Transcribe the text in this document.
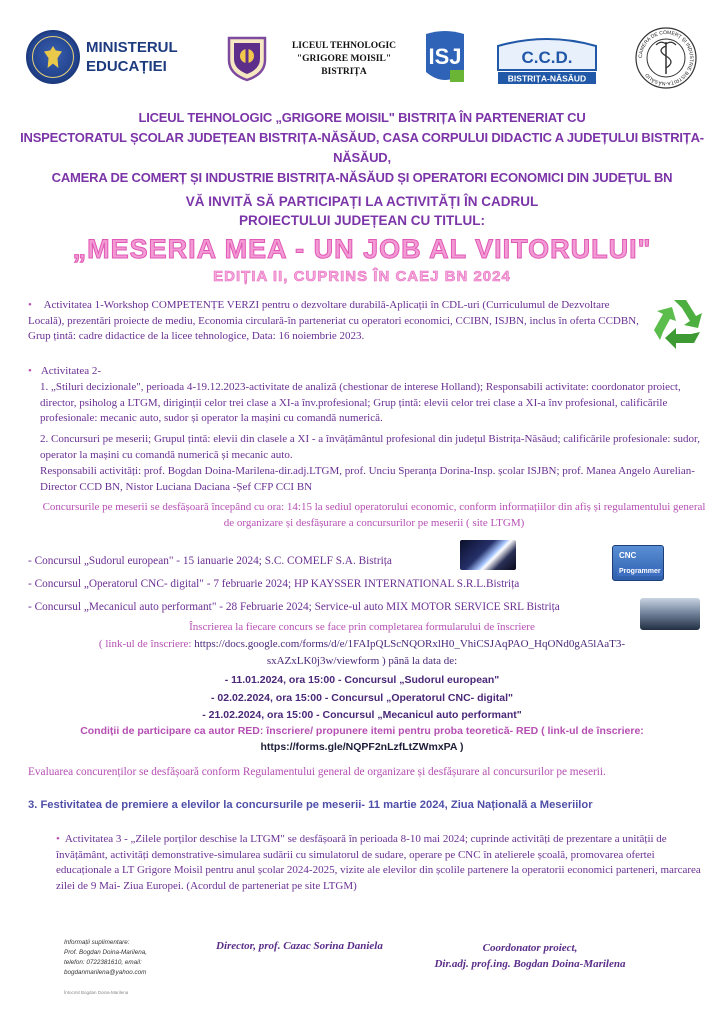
MINISTERUL
EDUCAȚIEI
LICEUL TEHNOLOGIC
"GRIGORE MOISIL"
BISTRIȚA
ISJ	C.C.D.
BISTRIȚA-NĂSĂUD
CAMERA DE COMERȚ ȘI INDUSTRIE BISTRIȚA-NĂSĂUD
LICEUL TEHNOLOGIC „GRIGORE MOISIL" BISTRIȚA ÎN PARTENERIAT CU
INSPECTORATUL ȘCOLAR JUDEȚEAN BISTRIȚA-NĂSĂUD, CASA CORPULUI DIDACTIC A JUDEȚULUI BISTRIȚA-NĂSĂUD,
CAMERA DE COMERȚ ȘI INDUSTRIE BISTRIȚA-NĂSĂUD ȘI OPERATORI ECONOMICI DIN JUDEȚUL BN
VĂ INVITĂ SĂ PARTICIPAȚI LA ACTIVITĂȚI ÎN CADRUL
PROIECTULUI JUDEȚEAN CU TITLUL:
„MESERIA MEA - UN JOB AL VIITORULUI"
EDIȚIA II, CUPRINS ÎN CAEJ BN 2024
• Activitatea 1-Workshop COMPETENȚE VERZI pentru o dezvoltare durabilă-Aplicații în CDL-uri (Curriculumul de Dezvoltare Locală), prezentări proiecte de mediu, Economia circulară-în parteneriat cu operatori economici, CCIBN, ISJBN, inclus în oferta CCDBN, Grup țintă: cadre didactice de la licee tehnologice, Data: 16 noiembrie 2023.
• Activitatea 2-
1. „Stiluri decizionale", perioada 4-19.12.2023-activitate de analiză (chestionar de interese Holland); Responsabili activitate: coordonator proiect, director, psiholog a LTGM, diriginții celor trei clase a XI-a înv.profesional; Grup țintă: elevii celor trei clase a XI-a înv profesional, calificările profesionale: mecanic auto, sudor și operator la mașini cu comandă numerică.
2. Concursuri pe meserii; Grupul țintă: elevii din clasele a XI - a învățământul profesional din județul Bistrița-Năsăud; calificările profesionale: sudor, operator la mașini cu comandă numerică și mecanic auto.
Responsabili activități: prof. Bogdan Doina-Marilena-dir.adj.LTGM, prof. Unciu Speranța Dorina-Insp. școlar ISJBN; prof. Manea Angelo Aurelian-Director CCD BN, Nistor Luciana Daciana -Șef CFP CCI BN
Concursurile pe meserii se desfășoară începând cu ora: 14:15 la sediul operatorului economic, conform informațiilor din afiș și regulamentului general de organizare și desfășurare a concursurilor pe meserii ( site LTGM)
- Concursul „Sudorul european" - 15 ianuarie 2024; S.C. COMELF S.A. Bistrița
- Concursul „Operatorul CNC- digital" - 7 februarie 2024; HP KAYSSER INTERNATIONAL S.R.L.Bistrița
- Concursul „Mecanicul auto performant" - 28 Februarie 2024; Service-ul auto MIX MOTOR SERVICE SRL Bistrița
CNC
Programmer
Înscrierea la fiecare concurs se face prin completarea formularului de înscriere
( link-ul de înscriere: https://docs.google.com/forms/d/e/1FAIpQLScNQORxlH0_VhiCSJAqPAO_HqONd0gA5lAaT3-
sxAZxLK0j3w/viewform ) până la data de:
- 11.01.2024, ora 15:00 - Concursul „Sudorul european"
- 02.02.2024, ora 15:00 - Concursul „Operatorul CNC- digital"
- 21.02.2024, ora 15:00 - Concursul „Mecanicul auto performant"
Condiții de participare ca autor RED: înscriere/ propunere itemi pentru proba teoretică- RED ( link-ul de înscriere:
https://forms.gle/NQPF2nLzfLtZWmxPA )
Evaluarea concurenților se desfășoară conform Regulamentului general de organizare și desfășurare al concursurilor pe meserii.
3. Festivitatea de premiere a elevilor la concursurile pe meserii- 11 martie 2024, Ziua Națională a Meseriilor
• Activitatea 3 - „Zilele porților deschise la LTGM" se desfășoară în perioada 8-10 mai 2024; cuprinde activități de prezentare a unității de învățământ, activități demonstrative-simularea sudării cu simulatorul de sudare, operare pe CNC în atelierele școală, promovarea ofertei educaționale a LT Grigore Moisil pentru anul școlar 2024-2025, vizite ale elevilor din școlile partenere la operatorii economici parteneri, marcarea zilei de 9 Mai- Ziua Europei. (Acordul de parteneriat pe site LTGM)
Informații suplimentare:
Prof. Bogdan Doina-Marilena,
telefon: 0722381610, email:
bogdanmarilena@yahoo.com
Întocmit Bogdan Doina-Marilena
Director, prof. Cazac Sorina Daniela	Coordonator proiect,
Dir.adj. prof.ing. Bogdan Doina-Marilena
